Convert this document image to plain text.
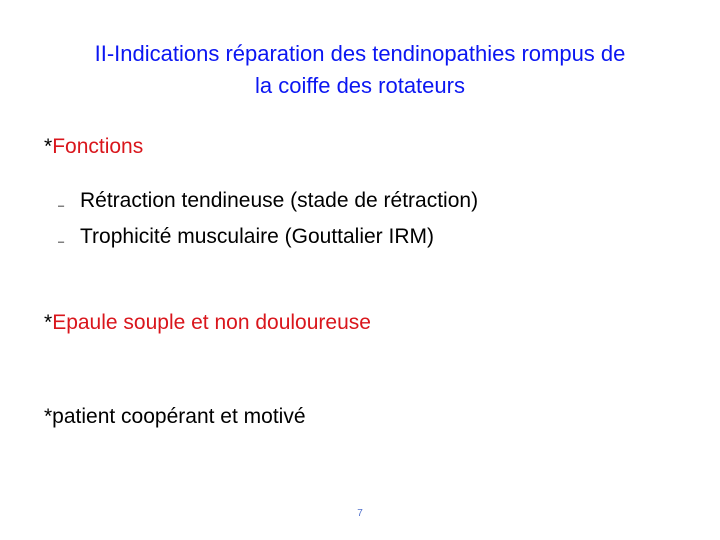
II-Indications réparation des tendinopathies rompus de
la coiffe des rotateurs
*Fonctions
– Rétraction tendineuse (stade de rétraction)
– Trophicité musculaire (Gouttalier IRM)
*Epaule souple et non douloureuse
*patient coopérant et motivé
7
